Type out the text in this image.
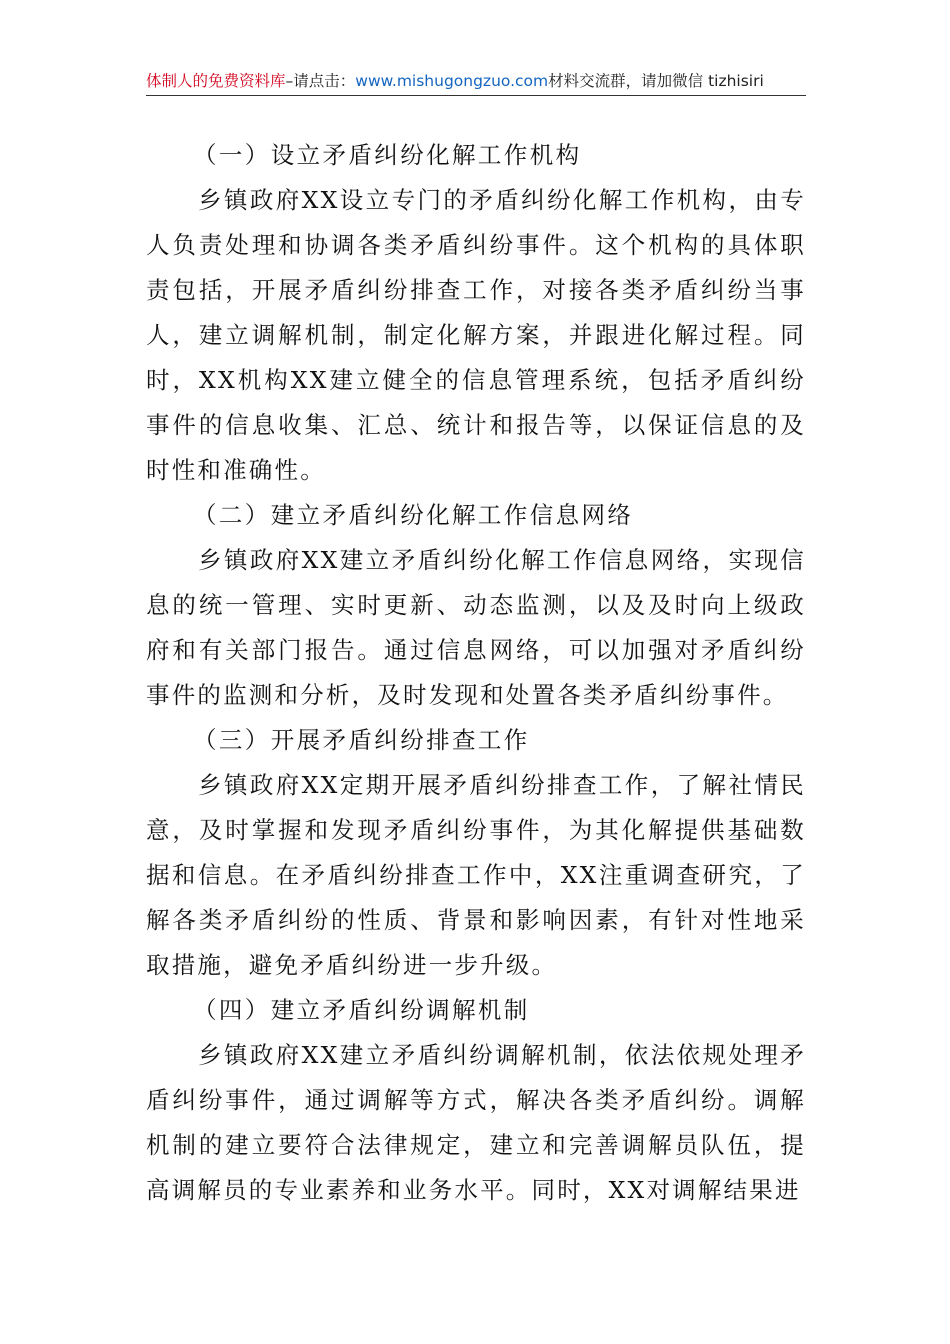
体制人的免费资料库–请点击：www.mishugongzuo.com材料交流群，请加微信 tizhisiri

（一）设立矛盾纠纷化解工作机构

乡镇政府XX设立专门的矛盾纠纷化解工作机构，由专人负责处理和协调各类矛盾纠纷事件。这个机构的具体职责包括，开展矛盾纠纷排查工作，对接各类矛盾纠纷当事人，建立调解机制，制定化解方案，并跟进化解过程。同时，XX机构XX建立健全的信息管理系统，包括矛盾纠纷事件的信息收集、汇总、统计和报告等，以保证信息的及时性和准确性。

（二）建立矛盾纠纷化解工作信息网络

乡镇政府XX建立矛盾纠纷化解工作信息网络，实现信息的统一管理、实时更新、动态监测，以及及时向上级政府和有关部门报告。通过信息网络，可以加强对矛盾纠纷事件的监测和分析，及时发现和处置各类矛盾纠纷事件。

（三）开展矛盾纠纷排查工作

乡镇政府XX定期开展矛盾纠纷排查工作，了解社情民意，及时掌握和发现矛盾纠纷事件，为其化解提供基础数据和信息。在矛盾纠纷排查工作中，XX注重调查研究，了解各类矛盾纠纷的性质、背景和影响因素，有针对性地采取措施，避免矛盾纠纷进一步升级。

（四）建立矛盾纠纷调解机制

乡镇政府XX建立矛盾纠纷调解机制，依法依规处理矛盾纠纷事件，通过调解等方式，解决各类矛盾纠纷。调解机制的建立要符合法律规定，建立和完善调解员队伍，提高调解员的专业素养和业务水平。同时，XX对调解结果进
